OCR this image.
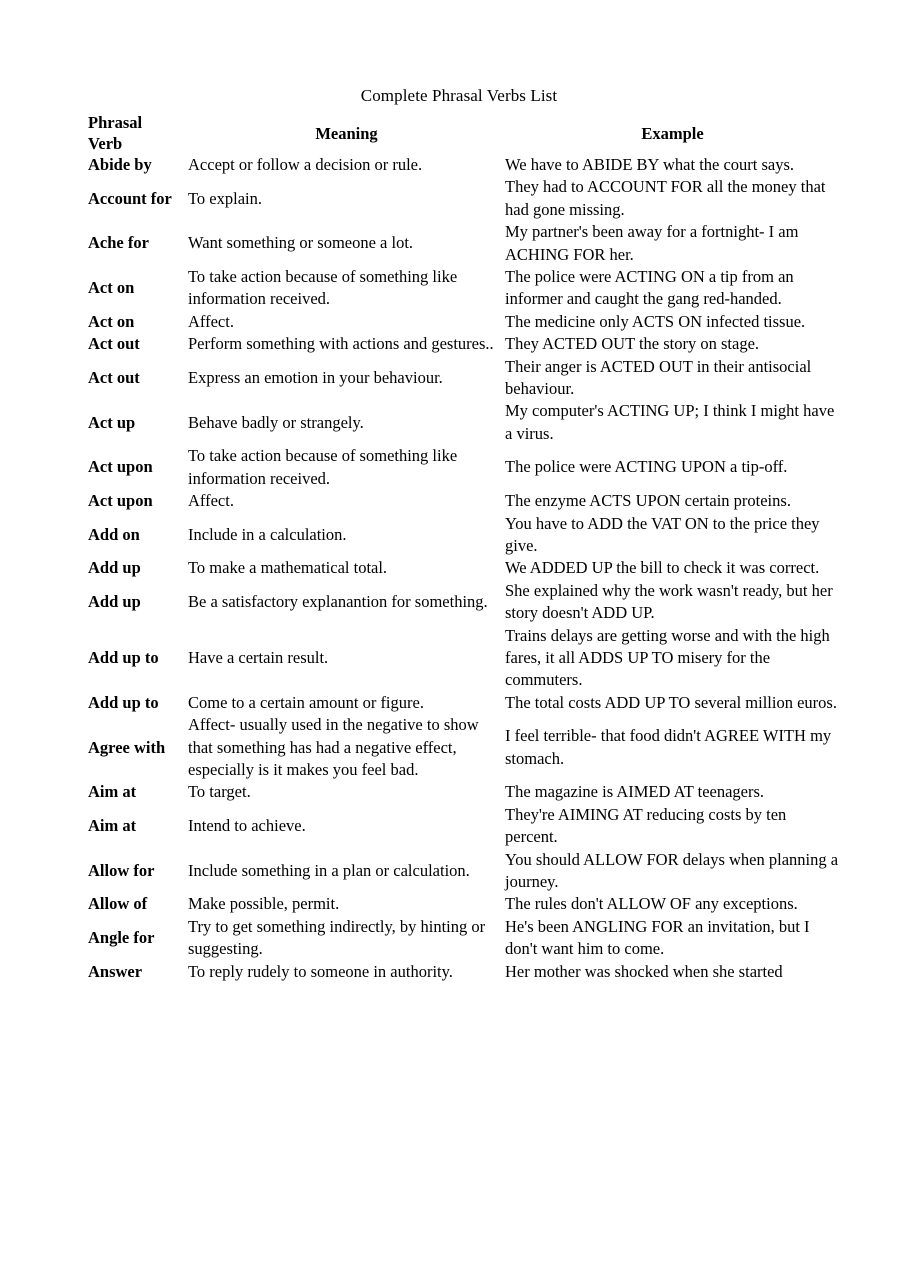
Complete Phrasal Verbs List
Phrasal
Verb	Meaning	Example
Abide by	Accept or follow a decision or rule.	We have to ABIDE BY what the court says.
Account for	To explain.	They had to ACCOUNT FOR all the money that had gone missing.
Ache for	Want something or someone a lot.	My partner's been away for a fortnight- I am ACHING FOR her.
Act on	To take action because of something like information received.	The police were ACTING ON a tip from an informer and caught the gang red-handed.
Act on	Affect.	The medicine only ACTS ON infected tissue.
Act out	Perform something with actions and gestures..	They ACTED OUT the story on stage.
Act out	Express an emotion in your behaviour.	Their anger is ACTED OUT in their antisocial behaviour.
Act up	Behave badly or strangely.	My computer's ACTING UP; I think I might have a virus.
Act upon	To take action because of something like information received.	The police were ACTING UPON a tip-off.
Act upon	Affect.	The enzyme ACTS UPON certain proteins.
Add on	Include in a calculation.	You have to ADD the VAT ON to the price they give.
Add up	To make a mathematical total.	We ADDED UP the bill to check it was correct.
Add up	Be a satisfactory explanantion for something.	She explained why the work wasn't ready, but her story doesn't ADD UP.
Add up to	Have a certain result.	Trains delays are getting worse and with the high fares, it all ADDS UP TO misery for the commuters.
Add up to	Come to a certain amount or figure.	The total costs ADD UP TO several million euros.
Agree with	Affect- usually used in the negative to show that something has had a negative effect, especially is it makes you feel bad.	I feel terrible- that food didn't AGREE WITH my stomach.
Aim at	To target.	The magazine is AIMED AT teenagers.
Aim at	Intend to achieve.	They're AIMING AT reducing costs by ten percent.
Allow for	Include something in a plan or calculation.	You should ALLOW FOR delays when planning a journey.
Allow of	Make possible, permit.	The rules don't ALLOW OF any exceptions.
Angle for	Try to get something indirectly, by hinting or suggesting.	He's been ANGLING FOR an invitation, but I don't want him to come.
Answer	To reply rudely to someone in authority.	Her mother was shocked when she started
